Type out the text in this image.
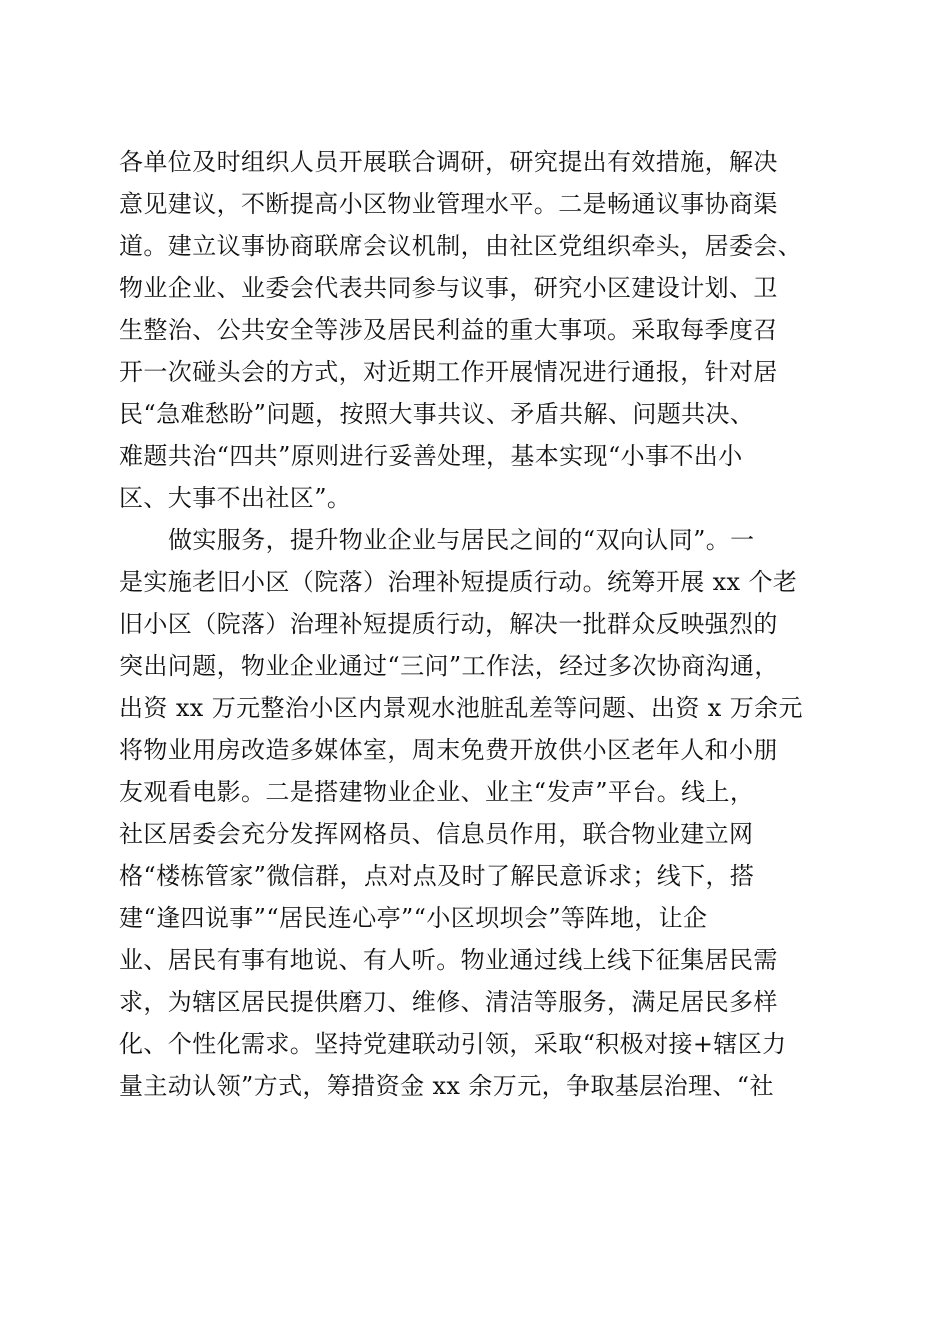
各单位及时组织人员开展联合调研，研究提出有效措施，解决
意见建议，不断提高小区物业管理水平。二是畅通议事协商渠
道。建立议事协商联席会议机制，由社区党组织牵头，居委会、
物业企业、业委会代表共同参与议事，研究小区建设计划、卫
生整治、公共安全等涉及居民利益的重大事项。采取每季度召
开一次碰头会的方式，对近期工作开展情况进行通报，针对居
民“急难愁盼”问题，按照大事共议、矛盾共解、问题共决、
难题共治“四共”原则进行妥善处理，基本实现“小事不出小
区、大事不出社区”。
做实服务，提升物业企业与居民之间的“双向认同”。一
是实施老旧小区（院落）治理补短提质行动。统筹开展 xx 个老
旧小区（院落）治理补短提质行动，解决一批群众反映强烈的
突出问题，物业企业通过“三问”工作法，经过多次协商沟通，
出资 xx 万元整治小区内景观水池脏乱差等问题、出资 x 万余元
将物业用房改造多媒体室，周末免费开放供小区老年人和小朋
友观看电影。二是搭建物业企业、业主“发声”平台。线上，
社区居委会充分发挥网格员、信息员作用，联合物业建立网
格“楼栋管家”微信群，点对点及时了解民意诉求；线下，搭
建“逢四说事”“居民连心亭”“小区坝坝会”等阵地，让企
业、居民有事有地说、有人听。物业通过线上线下征集居民需
求，为辖区居民提供磨刀、维修、清洁等服务，满足居民多样
化、个性化需求。坚持党建联动引领，采取“积极对接+辖区力
量主动认领”方式，筹措资金 xx 余万元，争取基层治理、“社
